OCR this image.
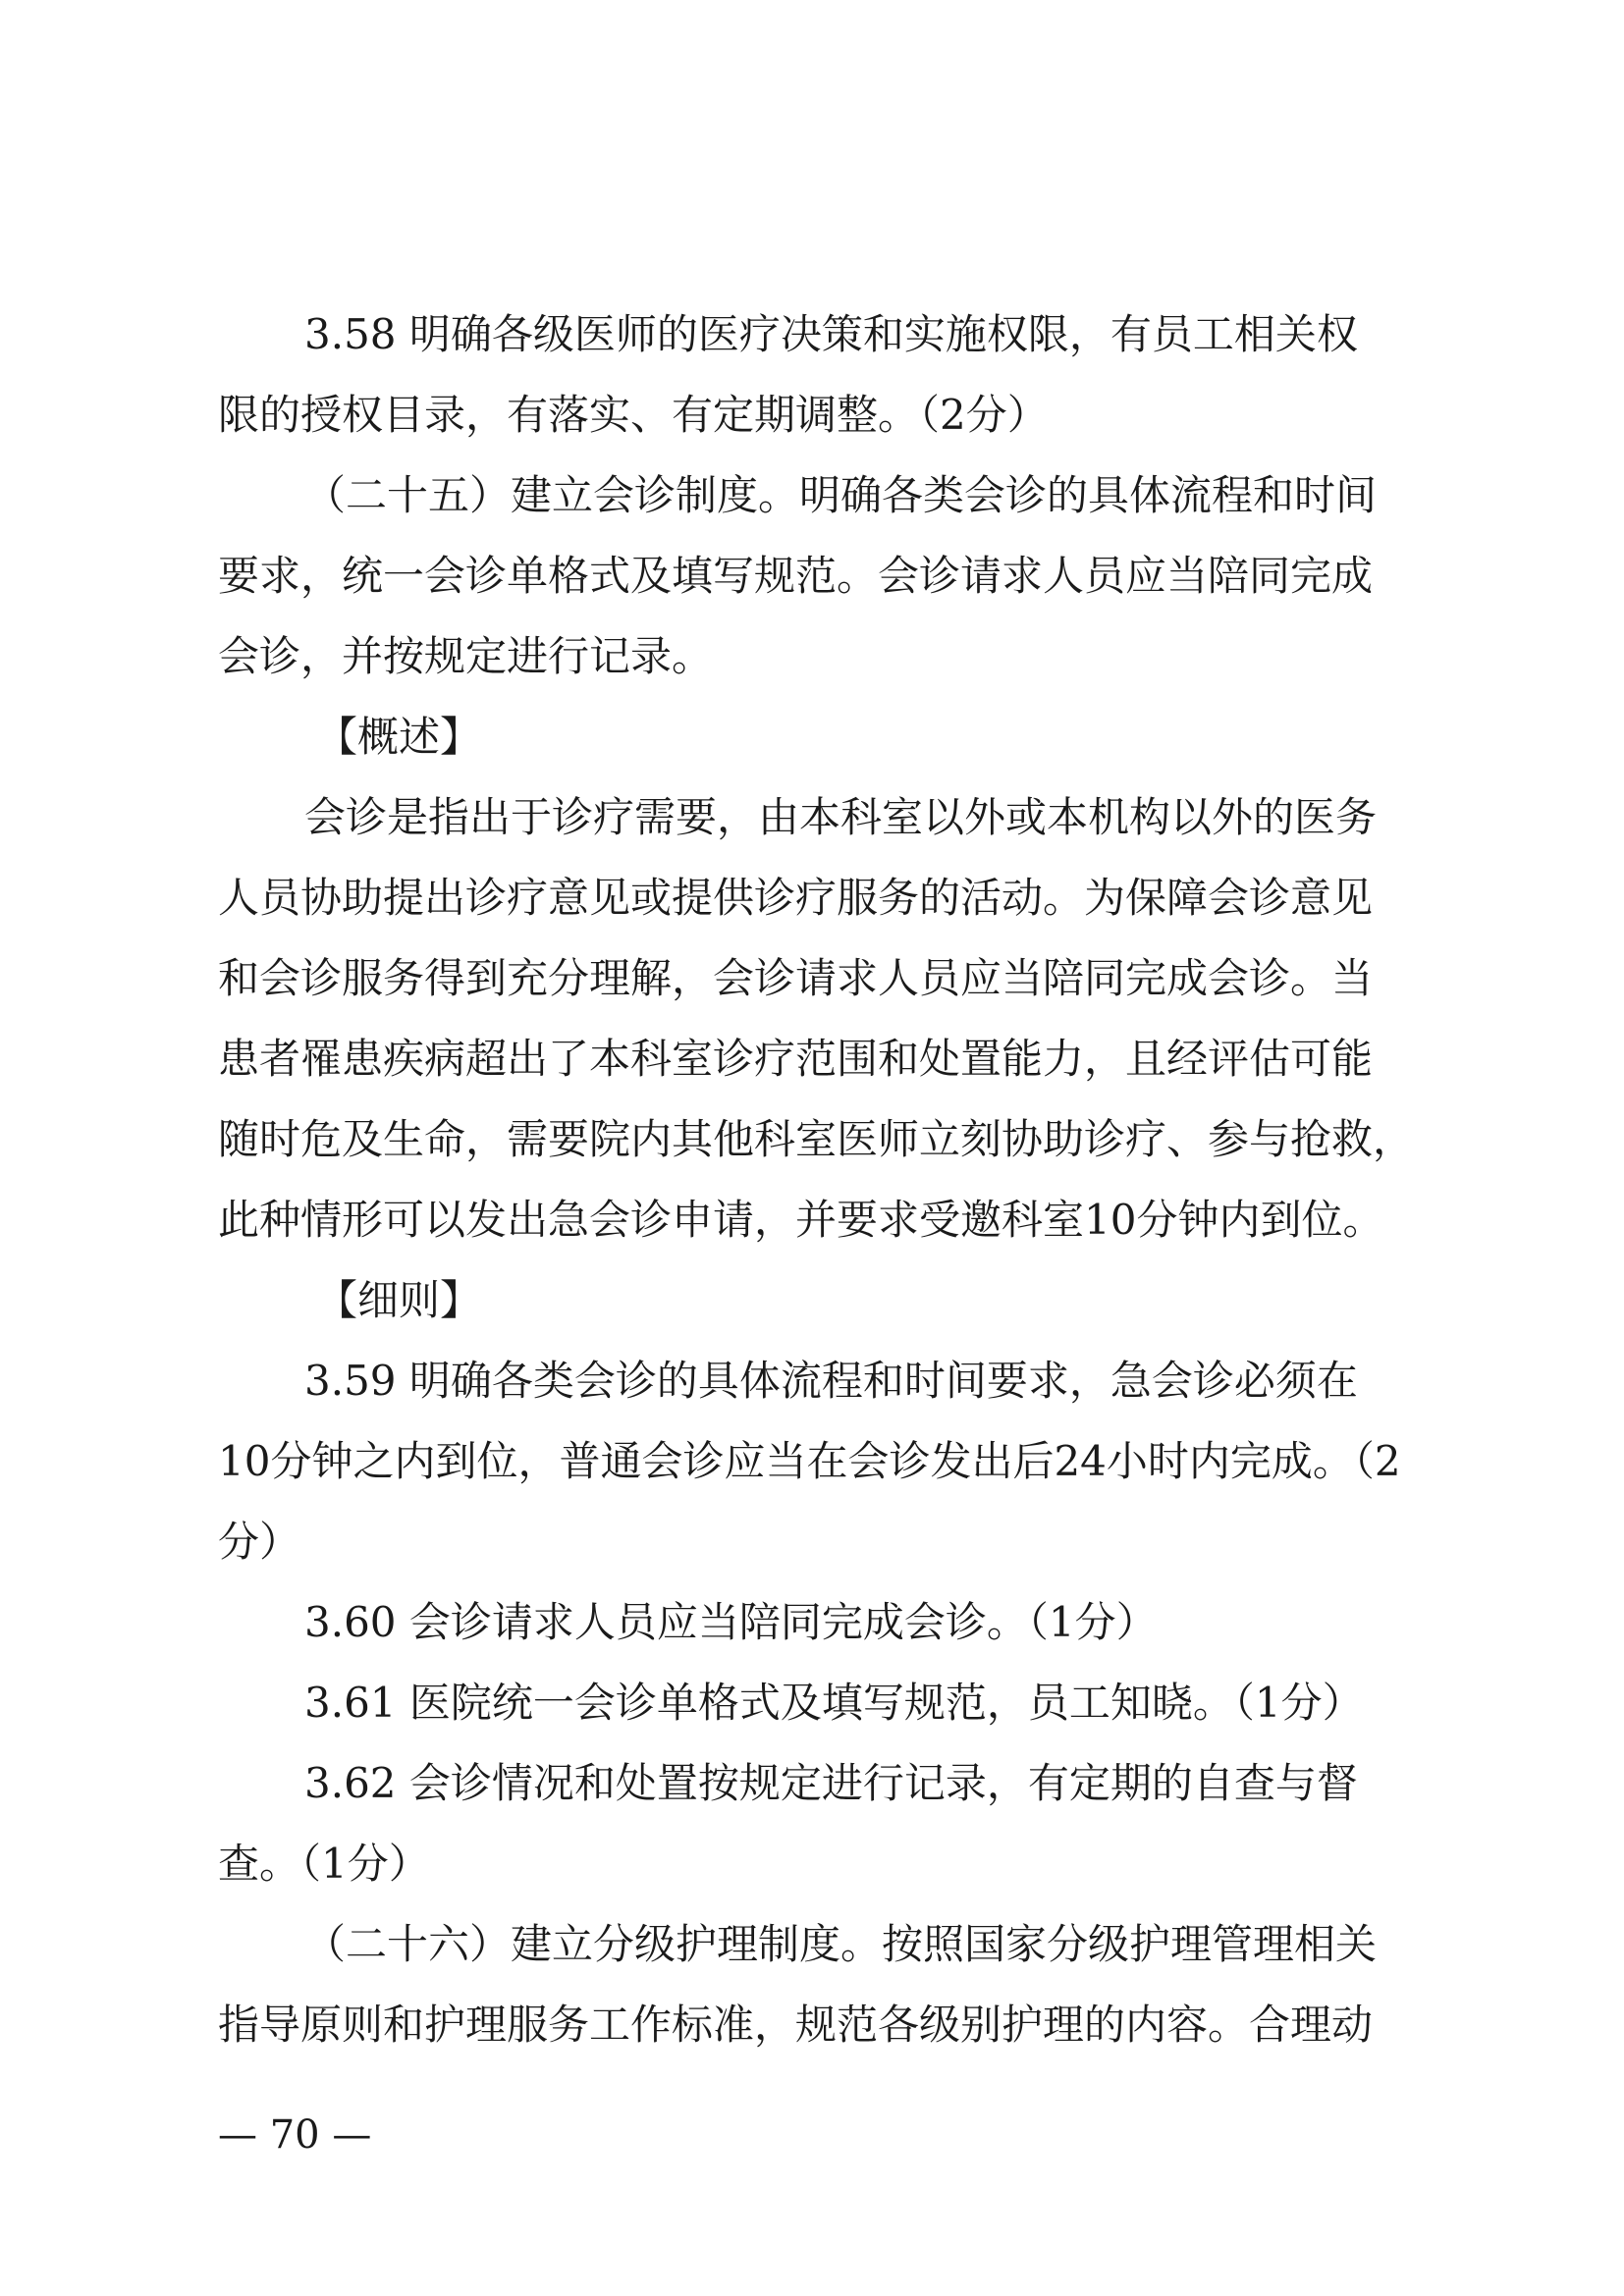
3.58 明确各级医师的医疗决策和实施权限，有员工相关权
限的授权目录，有落实、有定期调整。（2分）
（二十五）建立会诊制度。明确各类会诊的具体流程和时间
要求，统一会诊单格式及填写规范。会诊请求人员应当陪同完成
会诊，并按规定进行记录。
【概述】
会诊是指出于诊疗需要，由本科室以外或本机构以外的医务
人员协助提出诊疗意见或提供诊疗服务的活动。为保障会诊意见
和会诊服务得到充分理解，会诊请求人员应当陪同完成会诊。当
患者罹患疾病超出了本科室诊疗范围和处置能力，且经评估可能
随时危及生命，需要院内其他科室医师立刻协助诊疗、参与抢救，
此种情形可以发出急会诊申请，并要求受邀科室10分钟内到位。
【细则】
3.59 明确各类会诊的具体流程和时间要求，急会诊必须在
10分钟之内到位，普通会诊应当在会诊发出后24小时内完成。（2
分）
3.60 会诊请求人员应当陪同完成会诊。（1分）
3.61 医院统一会诊单格式及填写规范，员工知晓。（1分）
3.62 会诊情况和处置按规定进行记录，有定期的自查与督
查。（1分）
（二十六）建立分级护理制度。按照国家分级护理管理相关
指导原则和护理服务工作标准，规范各级别护理的内容。合理动
— 70 —
